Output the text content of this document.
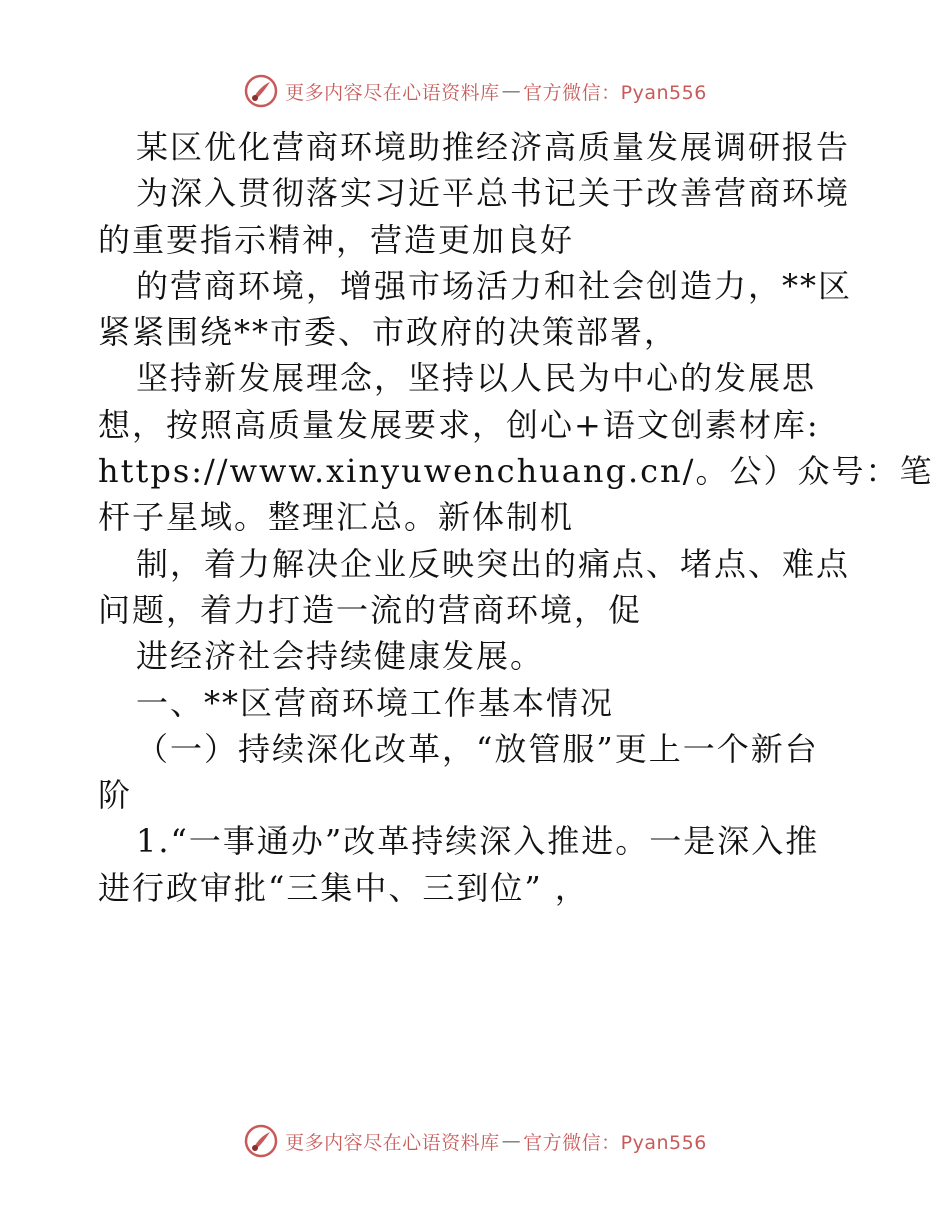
更多内容尽在心语资料库 — 官方微信：Pyan556
某区优化营商环境助推经济高质量发展调研报告
为深入贯彻落实习近平总书记关于改善营商环境
的重要指示精神，营造更加良好
的营商环境，增强市场活力和社会创造力，**区
紧紧围绕**市委、市政府的决策部署，
坚持新发展理念，坚持以人民为中心的发展思
想，按照高质量发展要求，创心+语文创素材库:
https://www.xinyuwenchuang.cn/。公）众号：笔
杆子星域。整理汇总。新体制机
制，着力解决企业反映突出的痛点、堵点、难点
问题，着力打造一流的营商环境，促
进经济社会持续健康发展。
一、**区营商环境工作基本情况
（一）持续深化改革，“放管服”更上一个新台
阶
1.“一事通办”改革持续深入推进。一是深入推
进行政审批“三集中、三到位” ，
更多内容尽在心语资料库 — 官方微信：Pyan556
